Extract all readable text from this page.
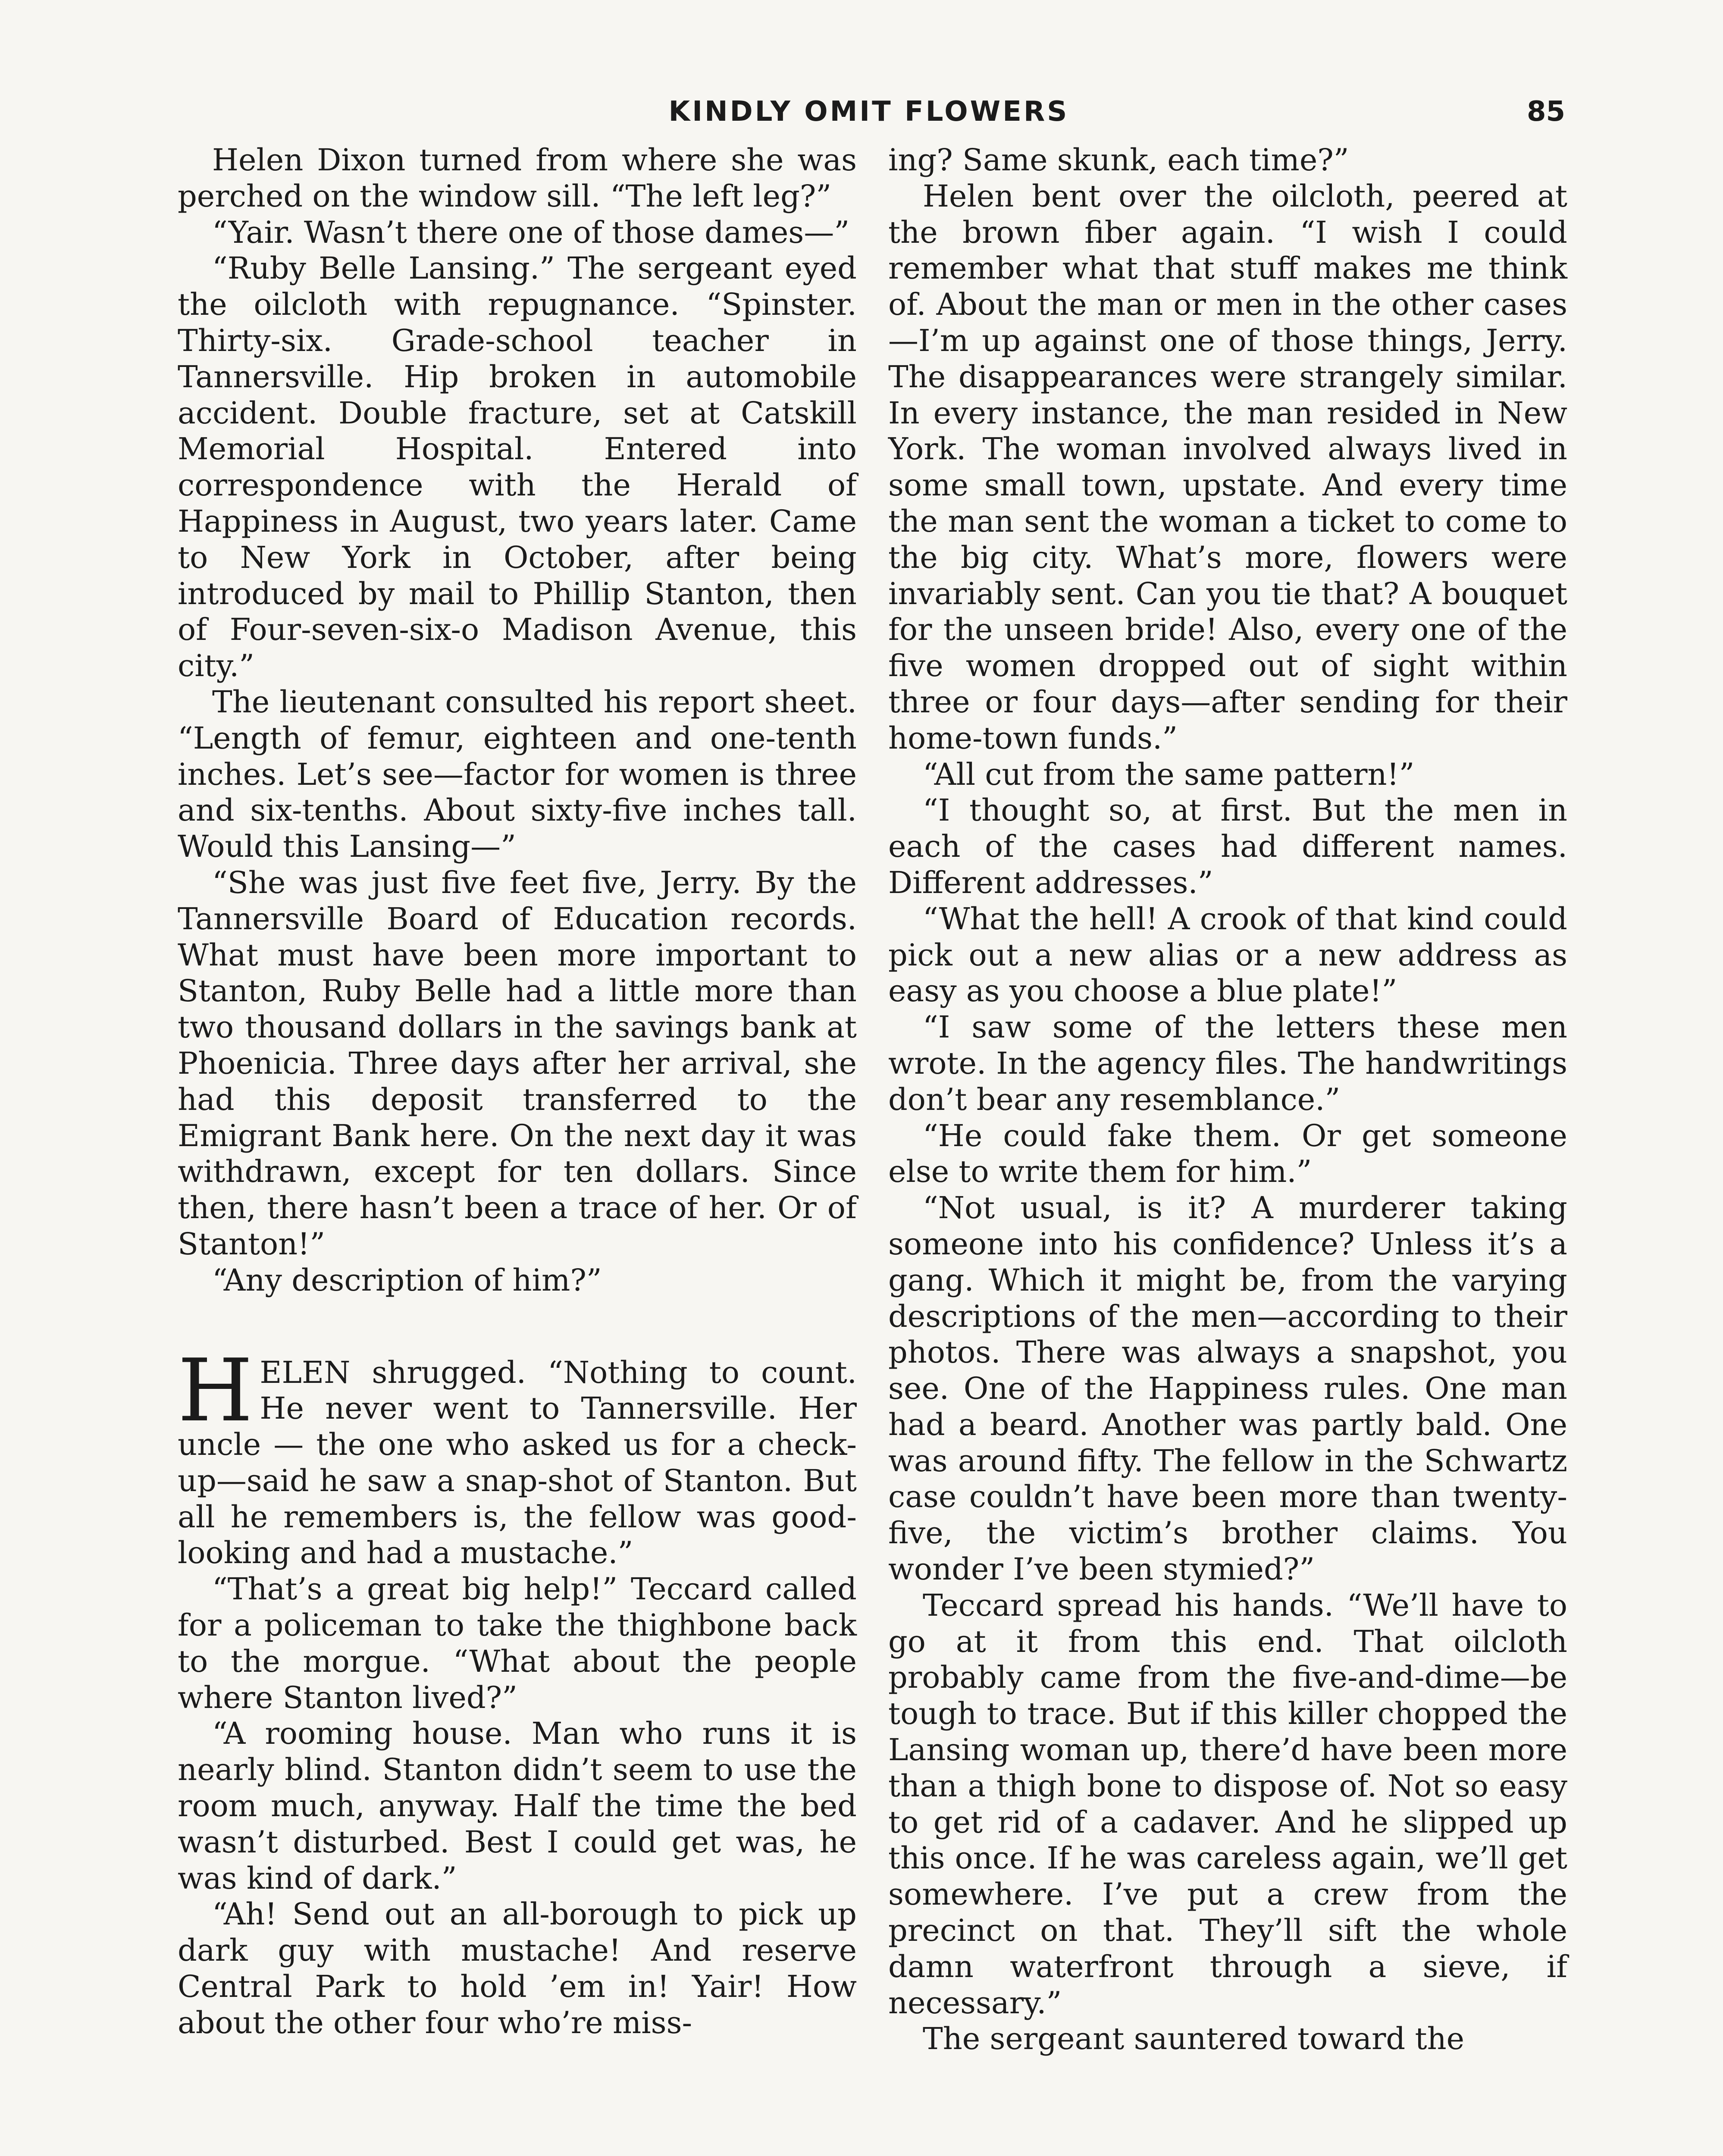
KINDLY OMIT FLOWERS	85

Helen Dixon turned from where she was perched on the window sill. “The left leg?”

“Yair. Wasn’t there one of those dames—”

“Ruby Belle Lansing.” The sergeant eyed the oilcloth with repugnance. “Spinster. Thirty-six. Grade-school teacher in Tannersville. Hip broken in automobile accident. Double fracture, set at Catskill Memorial Hospital. Entered into correspondence with the Herald of Happiness in August, two years later. Came to New York in October, after being introduced by mail to Phillip Stanton, then of Four-seven-six-o Madison Avenue, this city.”

The lieutenant consulted his report sheet. “Length of femur, eighteen and one-tenth inches. Let’s see—factor for women is three and six-tenths. About sixty-five inches tall. Would this Lansing—”

“She was just five feet five, Jerry. By the Tannersville Board of Education records. What must have been more important to Stanton, Ruby Belle had a little more than two thousand dollars in the savings bank at Phoenicia. Three days after her arrival, she had this deposit transferred to the Emigrant Bank here. On the next day it was withdrawn, except for ten dollars. Since then, there hasn’t been a trace of her. Or of Stanton!”

“Any description of him?”

HELEN shrugged. “Nothing to count. He never went to Tannersville. Her uncle — the one who asked us for a check-up—said he saw a snap-shot of Stanton. But all he remembers is, the fellow was good-looking and had a mustache.”

“That’s a great big help!” Teccard called for a policeman to take the thighbone back to the morgue. “What about the people where Stanton lived?”

“A rooming house. Man who runs it is nearly blind. Stanton didn’t seem to use the room much, anyway. Half the time the bed wasn’t disturbed. Best I could get was, he was kind of dark.”

“Ah! Send out an all-borough to pick up dark guy with mustache! And reserve Central Park to hold ’em in! Yair! How about the other four who’re miss-

ing? Same skunk, each time?”

Helen bent over the oilcloth, peered at the brown fiber again. “I wish I could remember what that stuff makes me think of. About the man or men in the other cases—I’m up against one of those things, Jerry. The disappearances were strangely similar. In every instance, the man resided in New York. The woman involved always lived in some small town, upstate. And every time the man sent the woman a ticket to come to the big city. What’s more, flowers were invariably sent. Can you tie that? A bouquet for the unseen bride! Also, every one of the five women dropped out of sight within three or four days—after sending for their home-town funds.”

“All cut from the same pattern!”

“I thought so, at first. But the men in each of the cases had different names. Different addresses.”

“What the hell! A crook of that kind could pick out a new alias or a new address as easy as you choose a blue plate!”

“I saw some of the letters these men wrote. In the agency files. The handwritings don’t bear any resemblance.”

“He could fake them. Or get someone else to write them for him.”

“Not usual, is it? A murderer taking someone into his confidence? Unless it’s a gang. Which it might be, from the varying descriptions of the men—according to their photos. There was always a snapshot, you see. One of the Happiness rules. One man had a beard. Another was partly bald. One was around fifty. The fellow in the Schwartz case couldn’t have been more than twenty-five, the victim’s brother claims. You wonder I’ve been stymied?”

Teccard spread his hands. “We’ll have to go at it from this end. That oilcloth probably came from the five-and-dime—be tough to trace. But if this killer chopped the Lansing woman up, there’d have been more than a thigh bone to dispose of. Not so easy to get rid of a cadaver. And he slipped up this once. If he was careless again, we’ll get somewhere. I’ve put a crew from the precinct on that. They’ll sift the whole damn waterfront through a sieve, if necessary.”

The sergeant sauntered toward the
